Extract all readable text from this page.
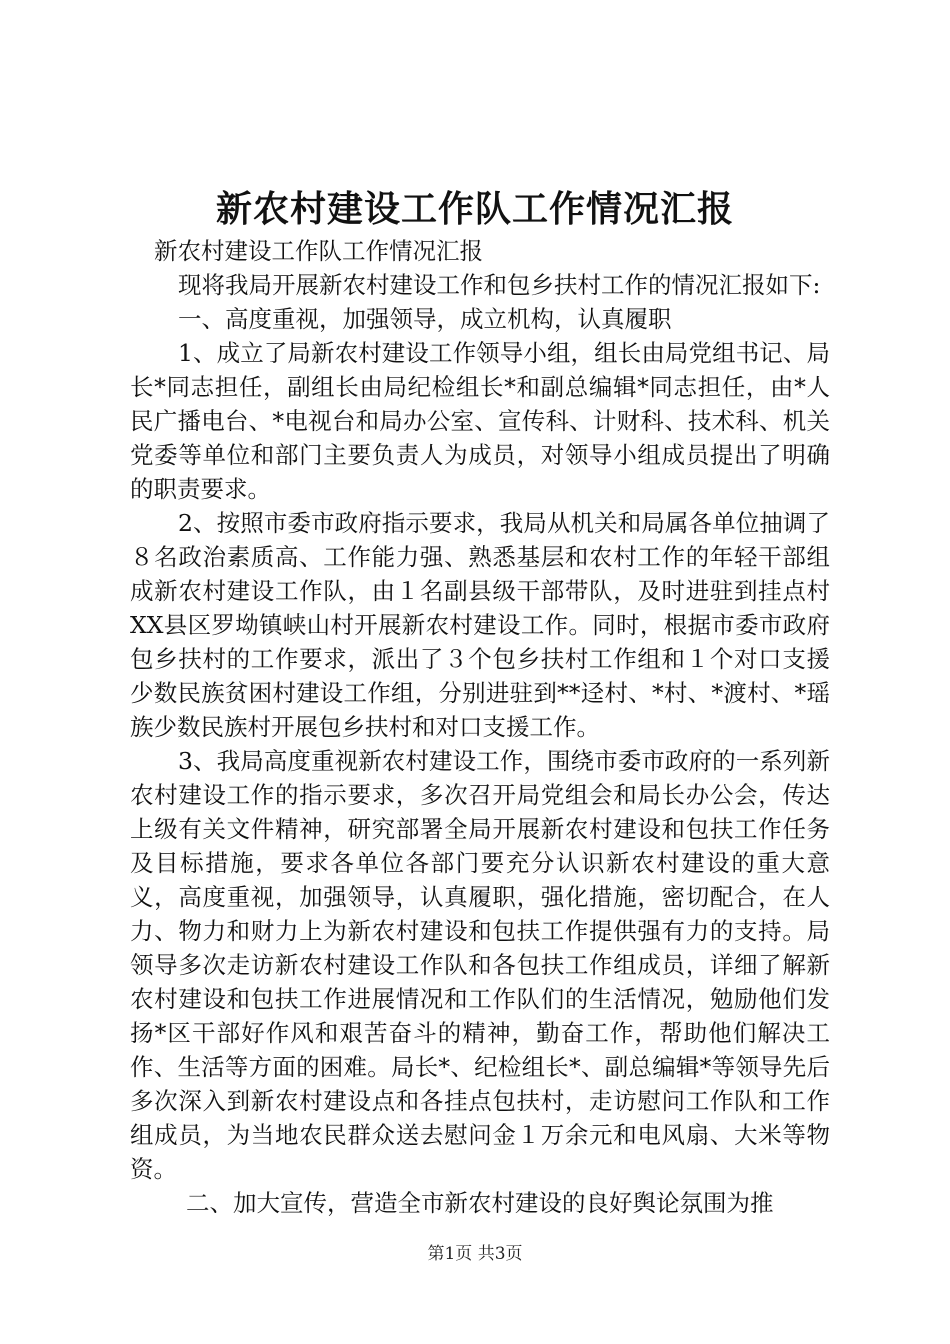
新农村建设工作队工作情况汇报

新农村建设工作队工作情况汇报

现将我局开展新农村建设工作和包乡扶村工作的情况汇报如下:

一、高度重视，加强领导，成立机构，认真履职

1、成立了局新农村建设工作领导小组，组长由局党组书记、局长*同志担任，副组长由局纪检组长*和副总编辑*同志担任，由*人民广播电台、*电视台和局办公室、宣传科、计财科、技术科、机关党委等单位和部门主要负责人为成员，对领导小组成员提出了明确的职责要求。

2、按照市委市政府指示要求，我局从机关和局属各单位抽调了８名政治素质高、工作能力强、熟悉基层和农村工作的年轻干部组成新农村建设工作队，由１名副县级干部带队，及时进驻到挂点村XX县区罗坳镇峡山村开展新农村建设工作。同时，根据市委市政府包乡扶村的工作要求，派出了３个包乡扶村工作组和１个对口支援少数民族贫困村建设工作组，分别进驻到**迳村、*村、*渡村、*瑶族少数民族村开展包乡扶村和对口支援工作。

3、我局高度重视新农村建设工作，围绕市委市政府的一系列新农村建设工作的指示要求，多次召开局党组会和局长办公会，传达上级有关文件精神，研究部署全局开展新农村建设和包扶工作任务及目标措施，要求各单位各部门要充分认识新农村建设的重大意义，高度重视，加强领导，认真履职，强化措施，密切配合，在人力、物力和财力上为新农村建设和包扶工作提供强有力的支持。局领导多次走访新农村建设工作队和各包扶工作组成员，详细了解新农村建设和包扶工作进展情况和工作队们的生活情况，勉励他们发扬*区干部好作风和艰苦奋斗的精神，勤奋工作，帮助他们解决工作、生活等方面的困难。局长*、纪检组长*、副总编辑*等领导先后多次深入到新农村建设点和各挂点包扶村，走访慰问工作队和工作组成员，为当地农民群众送去慰问金１万余元和电风扇、大米等物资。

二、加大宣传，营造全市新农村建设的良好舆论氛围为推

第1页 共3页
